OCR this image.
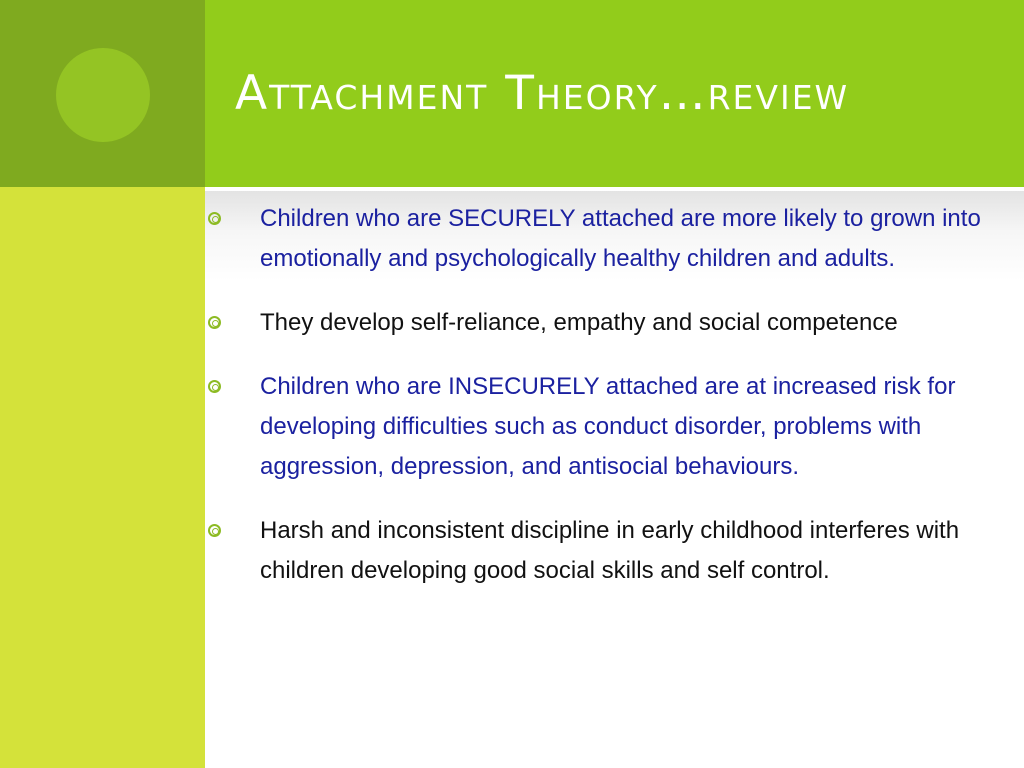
Attachment Theory…review
Children who are SECURELY attached are more likely to grown into emotionally and psychologically healthy children and adults.
They develop self-reliance, empathy and social competence
Children who are INSECURELY attached are at increased risk for developing difficulties such as conduct disorder, problems with aggression, depression, and antisocial behaviours.
Harsh and inconsistent discipline in early childhood interferes with children developing good social skills and self control.
